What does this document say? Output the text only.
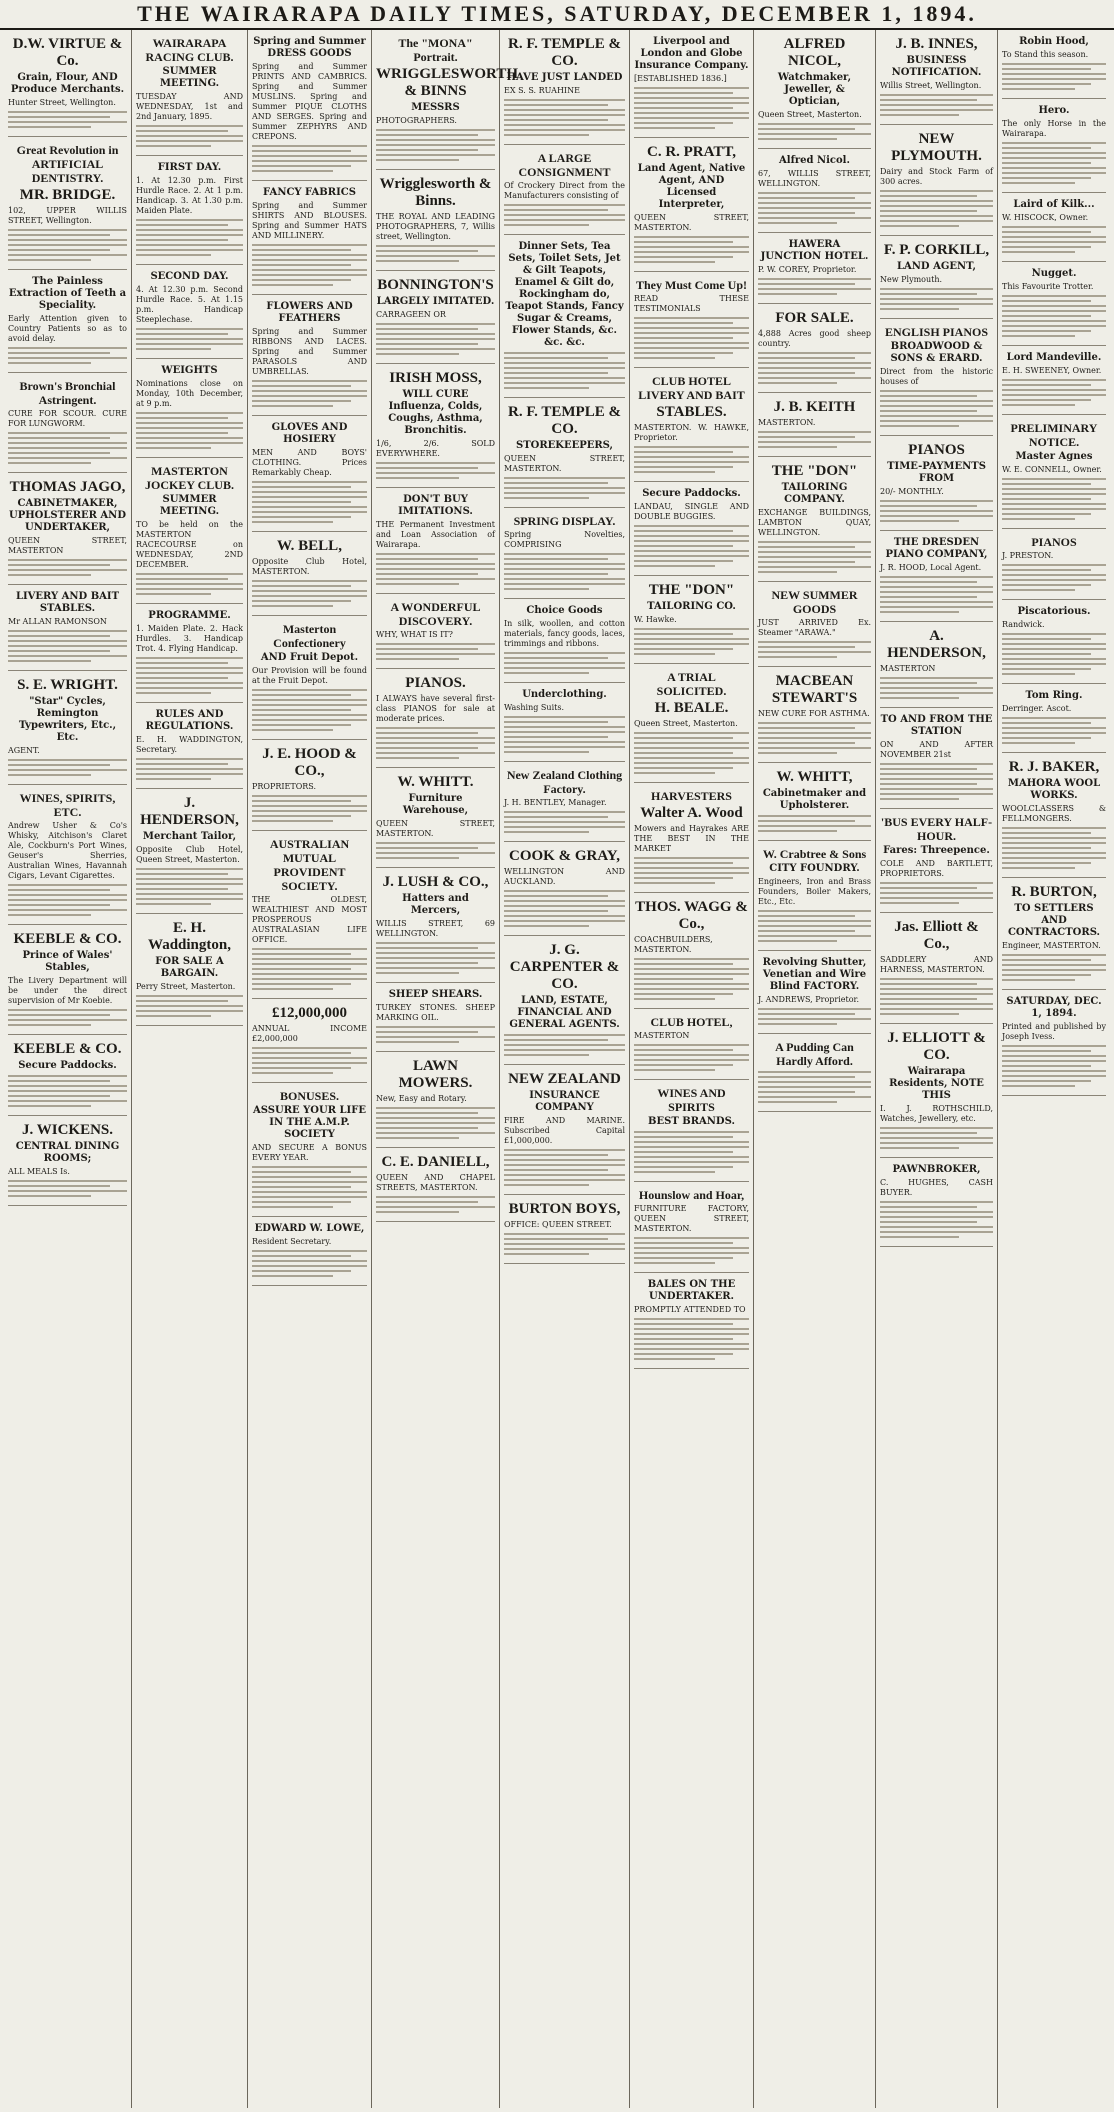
THE WAIRARAPA DAILY TIMES, SATURDAY, DECEMBER 1, 1894.
D.W. VIRTUE & Co.
Grain, Flour, AND Produce Merchants.

Hunter Street, Wellington.

Great Revolution in ARTIFICIAL DENTISTRY.
MR. BRIDGE.

102, UPPER WILLIS STREET, Wellington.

The Painless Extraction of Teeth a Speciality.

Early Attention given to Country Patients so as to avoid delay.

Brown's Bronchial Astringent.

CURE FOR SCOUR. CURE FOR LUNGWORM.

THOMAS JAGO,
CABINETMAKER, UPHOLSTERER AND UNDERTAKER,

QUEEN STREET, MASTERTON

LIVERY AND BAIT STABLES.

Mr ALLAN RAMONSON

S. E. WRIGHT.
"Star" Cycles, Remington Typewriters, Etc., Etc.

AGENT.

WINES, SPIRITS, ETC.

Andrew Usher & Co's Whisky, Aitchison's Claret Ale, Cockburn's Port Wines, Geuser's Sherries, Australian Wines, Havannah Cigars, Levant Cigarettes.

KEEBLE & CO.
Prince of Wales' Stables,

The Livery Department will be under the direct supervision of Mr Koebie.

KEEBLE & CO.
Secure Paddocks.
J. WICKENS.
CENTRAL DINING ROOMS;

ALL MEALS Is.

WAIRARAPA RACING CLUB.
SUMMER MEETING.

TUESDAY AND WEDNESDAY, 1st and 2nd January, 1895.

FIRST DAY.

1. At 12.30 p.m. First Hurdle Race. 2. At 1 p.m. Handicap. 3. At 1.30 p.m. Maiden Plate.

SECOND DAY.

4. At 12.30 p.m. Second Hurdle Race. 5. At 1.15 p.m. Handicap Steeplechase.

WEIGHTS

Nominations close on Monday, 10th December, at 9 p.m.

MASTERTON JOCKEY CLUB.
SUMMER MEETING.

TO be held on the MASTERTON RACECOURSE on WEDNESDAY, 2ND DECEMBER.

PROGRAMME.

1. Maiden Plate. 2. Hack Hurdles. 3. Handicap Trot. 4. Flying Handicap.

RULES AND REGULATIONS.

E. H. WADDINGTON, Secretary.

J. HENDERSON,
Merchant Tailor,

Opposite Club Hotel, Queen Street, Masterton.

E. H. Waddington,
FOR SALE A BARGAIN.

Perry Street, Masterton.

Spring and Summer DRESS GOODS

Spring and Summer PRINTS AND CAMBRICS. Spring and Summer MUSLINS. Spring and Summer PIQUE CLOTHS AND SERGES. Spring and Summer ZEPHYRS AND CREPONS.

FANCY FABRICS

Spring and Summer SHIRTS AND BLOUSES. Spring and Summer HATS AND MILLINERY.

FLOWERS AND FEATHERS

Spring and Summer RIBBONS AND LACES. Spring and Summer PARASOLS AND UMBRELLAS.

GLOVES AND HOSIERY

MEN AND BOYS' CLOTHING. Prices Remarkably Cheap.

W. BELL,

Opposite Club Hotel, MASTERTON.

Masterton Confectionery
AND Fruit Depot.

Our Provision will be found at the Fruit Depot.

J. E. HOOD & CO.,

PROPRIETORS.

AUSTRALIAN MUTUAL PROVIDENT SOCIETY.

THE OLDEST, WEALTHIEST AND MOST PROSPEROUS AUSTRALASIAN LIFE OFFICE.

£12,000,000

ANNUAL INCOME £2,000,000

BONUSES.
ASSURE YOUR LIFE IN THE A.M.P. SOCIETY

AND SECURE A BONUS EVERY YEAR.

EDWARD W. LOWE,

Resident Secretary.

The "MONA" Portrait.
WRIGGLESWORTH & BINNS
MESSRS

PHOTOGRAPHERS.

Wrigglesworth & Binns.

THE ROYAL AND LEADING PHOTOGRAPHERS, 7, Willis street, Wellington.

BONNINGTON'S
LARGELY IMITATED.

CARRAGEEN OR

IRISH MOSS,
WILL CURE Influenza, Colds, Coughs, Asthma, Bronchitis.

1/6, 2/6. SOLD EVERYWHERE.

DON'T BUY IMITATIONS.

THE Permanent Investment and Loan Association of Wairarapa.

A WONDERFUL DISCOVERY.

WHY, WHAT IS IT?

PIANOS.

I ALWAYS have several first-class PIANOS for sale at moderate prices.

W. WHITT.
Furniture Warehouse,

QUEEN STREET, MASTERTON.

J. LUSH & CO.,
Hatters and Mercers,

WILLIS STREET, 69 WELLINGTON.

SHEEP SHEARS.

TURKEY STONES. SHEEP MARKING OIL.

LAWN MOWERS.

New, Easy and Rotary.

C. E. DANIELL,

QUEEN AND CHAPEL STREETS, MASTERTON.

R. F. TEMPLE & CO.
HAVE JUST LANDED

EX S. S. RUAHINE

A LARGE CONSIGNMENT

Of Crockery Direct from the Manufacturers consisting of

Dinner Sets, Tea Sets, Toilet Sets, Jet & Gilt Teapots, Enamel & Gilt do, Rockingham do, Teapot Stands, Fancy Sugar & Creams, Flower Stands, &c. &c. &c.
R. F. TEMPLE & CO.
STOREKEEPERS,

QUEEN STREET, MASTERTON.

SPRING DISPLAY.

Spring Novelties, COMPRISING

Choice Goods

In silk, woollen, and cotton materials, fancy goods, laces, trimmings and ribbons.

Underclothing.

Washing Suits.

New Zealand Clothing Factory.

J. H. BENTLEY, Manager.

COOK & GRAY,

WELLINGTON AND AUCKLAND.

J. G. CARPENTER & CO.
LAND, ESTATE, FINANCIAL AND GENERAL AGENTS.
NEW ZEALAND
INSURANCE COMPANY

FIRE AND MARINE. Subscribed Capital £1,000,000.

BURTON BOYS,

OFFICE: QUEEN STREET.

Liverpool and London and Globe Insurance Company.

[ESTABLISHED 1836.]

C. R. PRATT,
Land Agent, Native Agent, AND Licensed Interpreter,

QUEEN STREET, MASTERTON.

They Must Come Up!

READ THESE TESTIMONIALS

CLUB HOTEL LIVERY AND BAIT
STABLES.

MASTERTON. W. HAWKE, Proprietor.

Secure Paddocks.

LANDAU, SINGLE AND DOUBLE BUGGIES.

THE "DON"
TAILORING CO.

W. Hawke.

A TRIAL SOLICITED.
H. BEALE.

Queen Street, Masterton.

HARVESTERS
Walter A. Wood

Mowers and Hayrakes ARE THE BEST IN THE MARKET

THOS. WAGG & Co.,

COACHBUILDERS, MASTERTON.

CLUB HOTEL,

MASTERTON

WINES AND SPIRITS
BEST BRANDS.
Hounslow and Hoar,

FURNITURE FACTORY, QUEEN STREET, MASTERTON.

BALES ON THE UNDERTAKER.

PROMPTLY ATTENDED TO

ALFRED NICOL,
Watchmaker, Jeweller, & Optician,

Queen Street, Masterton.

Alfred Nicol.

67, WILLIS STREET, WELLINGTON.

HAWERA JUNCTION HOTEL.

P. W. COREY, Proprietor.

FOR SALE.

4,888 Acres good sheep country.

J. B. KEITH

MASTERTON.

THE "DON"
TAILORING COMPANY.

EXCHANGE BUILDINGS, LAMBTON QUAY, WELLINGTON.

NEW SUMMER GOODS

JUST ARRIVED Ex. Steamer "ARAWA."

MACBEAN STEWART'S

NEW CURE FOR ASTHMA.

W. WHITT,
Cabinetmaker and Upholsterer.
W. Crabtree & Sons
CITY FOUNDRY.

Engineers, Iron and Brass Founders, Boiler Makers, Etc., Etc.

Revolving Shutter, Venetian and Wire Blind FACTORY.

J. ANDREWS, Proprietor.

A Pudding Can Hardly Afford.
J. B. INNES,
BUSINESS NOTIFICATION.

Willis Street, Wellington.

NEW PLYMOUTH.

Dairy and Stock Farm of 300 acres.

F. P. CORKILL,
LAND AGENT,

New Plymouth.

ENGLISH PIANOS
BROADWOOD & SONS & ERARD.

Direct from the historic houses of

PIANOS
TIME-PAYMENTS FROM

20/- MONTHLY.

THE DRESDEN PIANO COMPANY,

J. R. HOOD, Local Agent.

A. HENDERSON,

MASTERTON

TO AND FROM THE STATION

ON AND AFTER NOVEMBER 21st

'BUS EVERY HALF-HOUR.
Fares: Threepence.

COLE AND BARTLETT, PROPRIETORS.

Jas. Elliott & Co.,

SADDLERY AND HARNESS, MASTERTON.

J. ELLIOTT & CO.
Wairarapa Residents, NOTE THIS

I. J. ROTHSCHILD, Watches, Jewellery, etc.

PAWNBROKER,

C. HUGHES, CASH BUYER.

Robin Hood,

To Stand this season.

Hero.

The only Horse in the Wairarapa.

Laird of Kilk...

W. HISCOCK, Owner.

Nugget.

This Favourite Trotter.

Lord Mandeville.

E. H. SWEENEY, Owner.

PRELIMINARY NOTICE.
Master Agnes

W. E. CONNELL, Owner.

PIANOS

J. PRESTON.

Piscatorious.

Randwick.

Tom Ring.

Derringer. Ascot.

R. J. BAKER,
MAHORA WOOL WORKS.

WOOLCLASSERS & FELLMONGERS.

R. BURTON,
TO SETTLERS AND CONTRACTORS.

Engineer, MASTERTON.

SATURDAY, DEC. 1, 1894.

Printed and published by Joseph Ivess.
